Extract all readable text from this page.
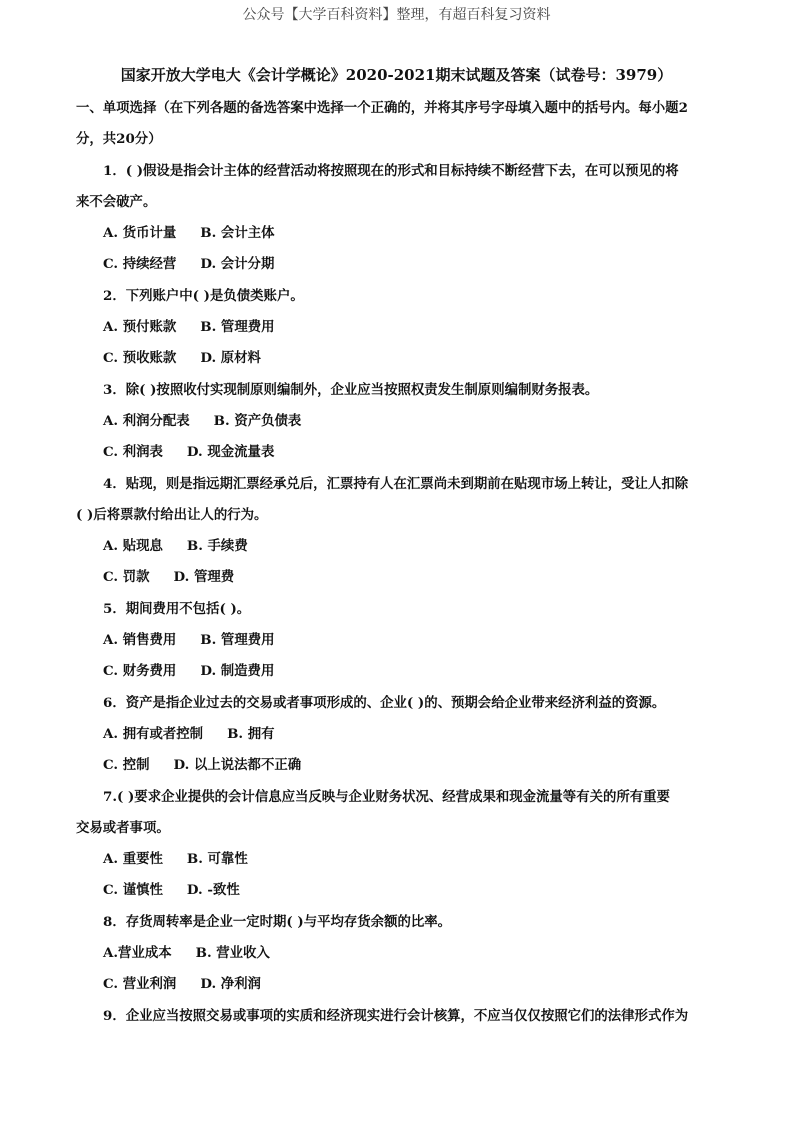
公众号【大学百科资料】整理，有超百科复习资料
国家开放大学电大《会计学概论》2020-2021期末试题及答案（试卷号：3979）
一、单项选择（在下列各题的备选答案中选择一个正确的，并将其序号字母填入题中的括号内。每小题2
分，共20分）
1．( )假设是指会计主体的经营活动将按照现在的形式和目标持续不断经营下去，在可以预见的将
来不会破产。
A. 货币计量 B. 会计主体
C. 持续经营 D. 会计分期
2．下列账户中( )是负债类账户。
A. 预付账款 B. 管理费用
C. 预收账款 D. 原材料
3．除( )按照收付实现制原则编制外，企业应当按照权责发生制原则编制财务报表。
A. 利润分配表 B. 资产负债表
C. 利润表 D. 现金流量表
4．贴现，则是指远期汇票经承兑后，汇票持有人在汇票尚未到期前在贴现市场上转让，受让人扣除
( )后将票款付给出让人的行为。
A. 贴现息 B. 手续费
C. 罚款 D. 管理费
5．期间费用不包括( )。
A. 销售费用 B. 管理费用
C. 财务费用 D. 制造费用
6．资产是指企业过去的交易或者事项形成的、企业( )的、预期会给企业带来经济利益的资源。
A. 拥有或者控制 B. 拥有
C. 控制 D. 以上说法都不正确
7.( )要求企业提供的会计信息应当反映与企业财务状况、经营成果和现金流量等有关的所有重要
交易或者事项。
A. 重要性 B. 可靠性
C. 谨慎性 D. -致性
8．存货周转率是企业一定时期( )与平均存货余额的比率。
A.营业成本 B. 营业收入
C. 营业利润 D. 净利润
9．企业应当按照交易或事项的实质和经济现实进行会计核算，不应当仅仅按照它们的法律形式作为
